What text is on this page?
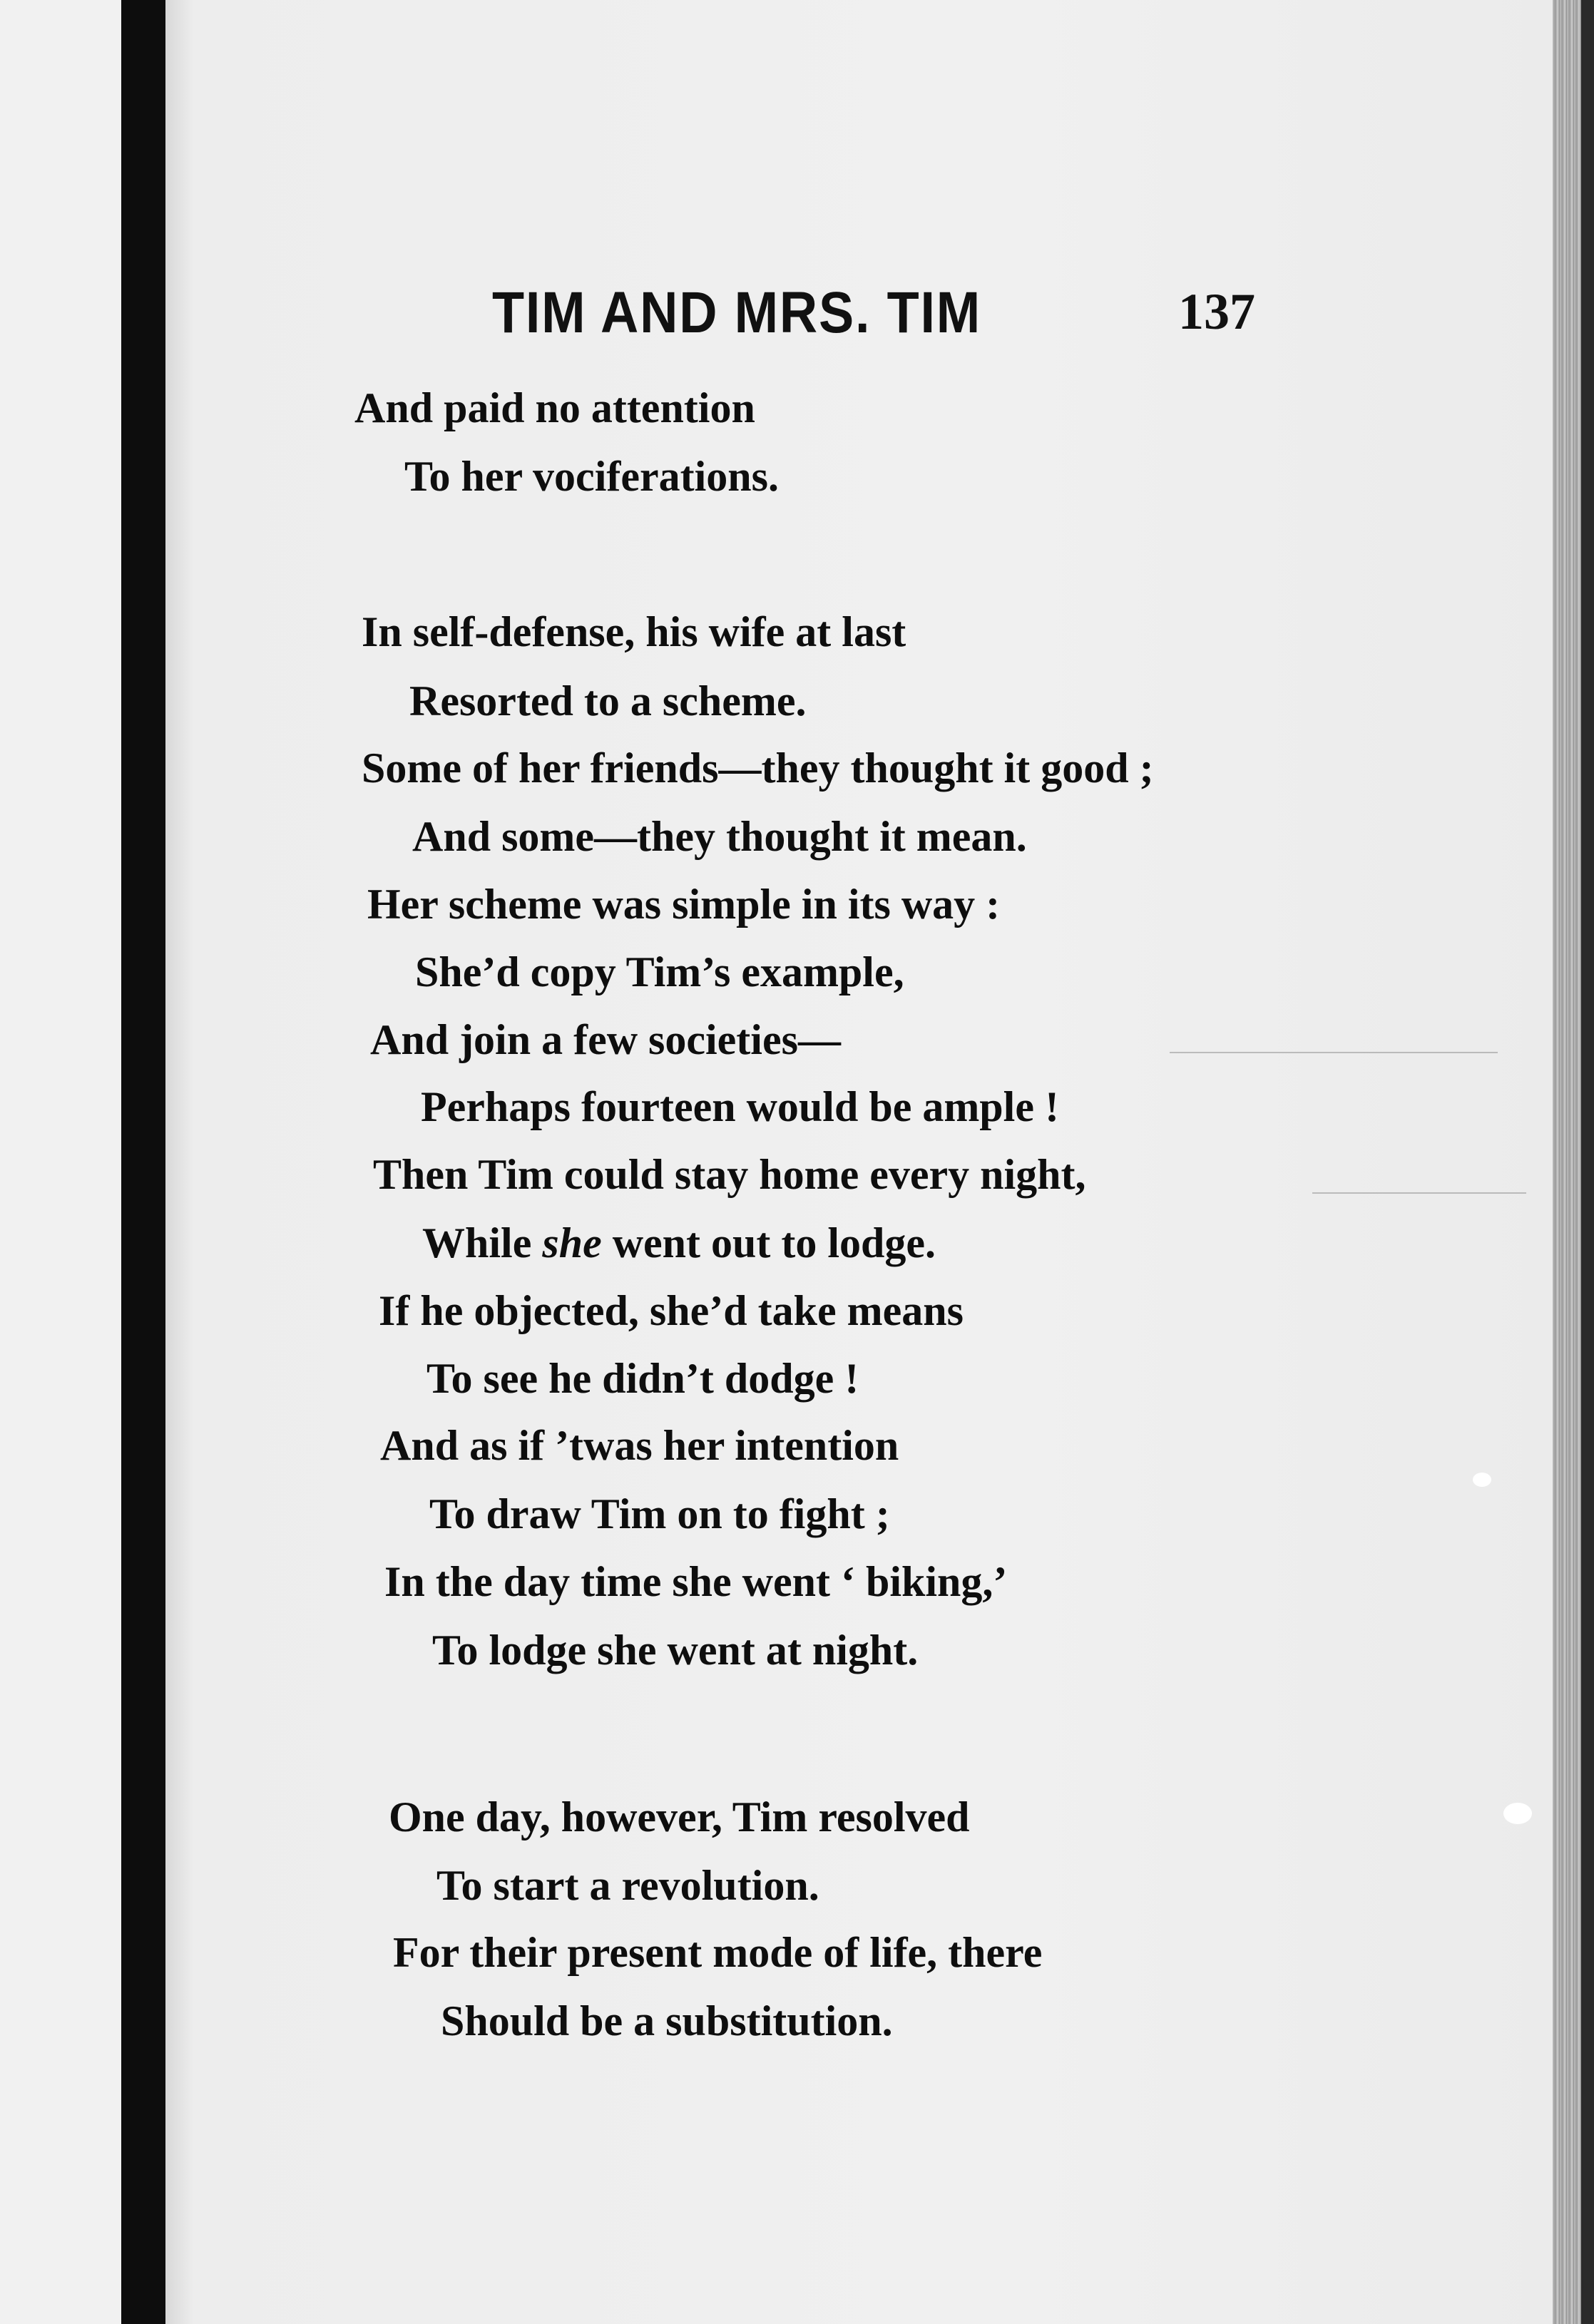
TIM AND MRS. TIM	137
And paid no attention
To her vociferations.
In self-defense, his wife at last
Resorted to a scheme.
Some of her friends—they thought it good ;
And some—they thought it mean.
Her scheme was simple in its way :
She’d copy Tim’s example,
And join a few societies—
Perhaps fourteen would be ample !
Then Tim could stay home every night,
While she went out to lodge.
If he objected, she’d take means
To see he didn’t dodge !
And as if ’twas her intention
To draw Tim on to fight ;
In the day time she went ‘ biking,’
To lodge she went at night.
One day, however, Tim resolved
To start a revolution.
For their present mode of life, there
Should be a substitution.
